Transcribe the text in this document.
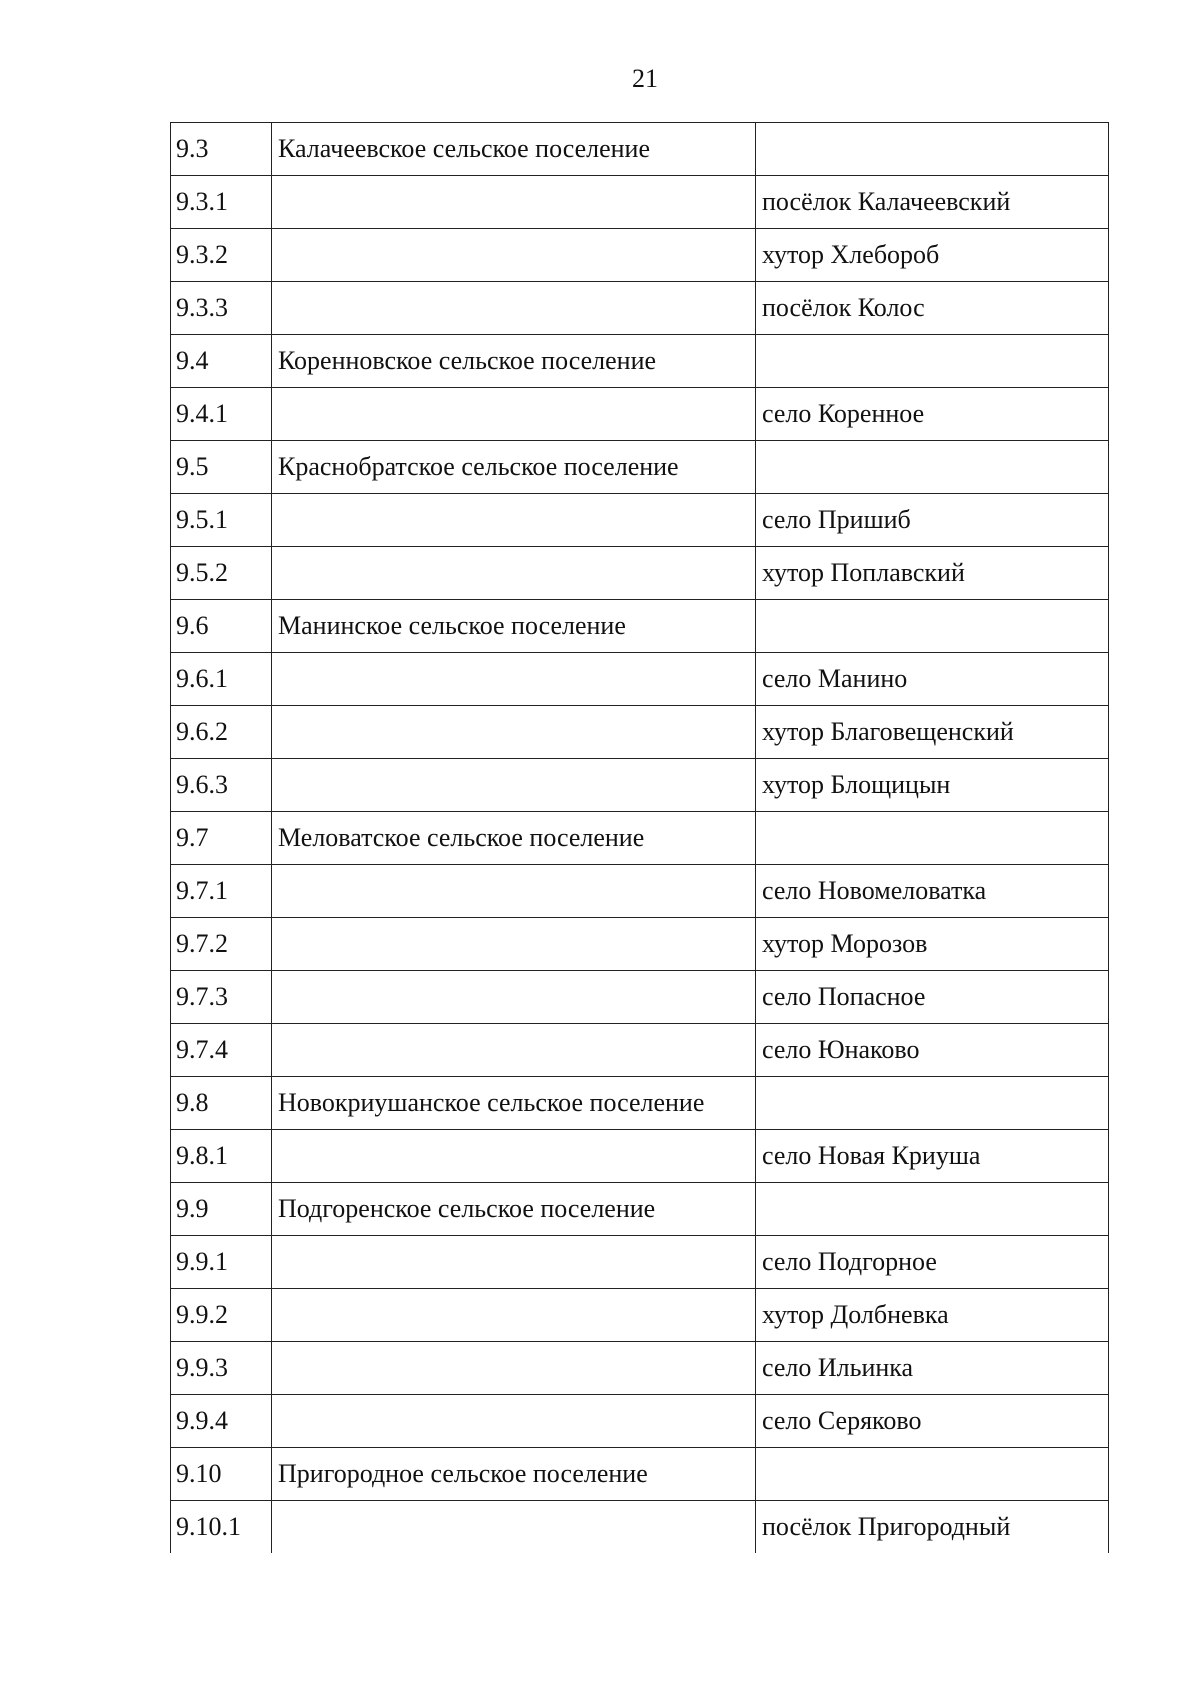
21
9.3	Калачеевское сельское поселение	
9.3.1		посёлок Калачеевский
9.3.2		хутор Хлебороб
9.3.3		посёлок Колос
9.4	Коренновское сельское поселение	
9.4.1		село Коренное
9.5	Краснобратское сельское поселение	
9.5.1		село Пришиб
9.5.2		хутор Поплавский
9.6	Манинское сельское поселение	
9.6.1		село Манино
9.6.2		хутор Благовещенский
9.6.3		хутор Блощицын
9.7	Меловатское сельское поселение	
9.7.1		село Новомеловатка
9.7.2		хутор Морозов
9.7.3		село Попасное
9.7.4		село Юнаково
9.8	Новокриушанское сельское поселение	
9.8.1		село Новая Криуша
9.9	Подгоренское сельское поселение	
9.9.1		село Подгорное
9.9.2		хутор Долбневка
9.9.3		село Ильинка
9.9.4		село Серяково
9.10	Пригородное сельское поселение	
9.10.1		посёлок Пригородный
